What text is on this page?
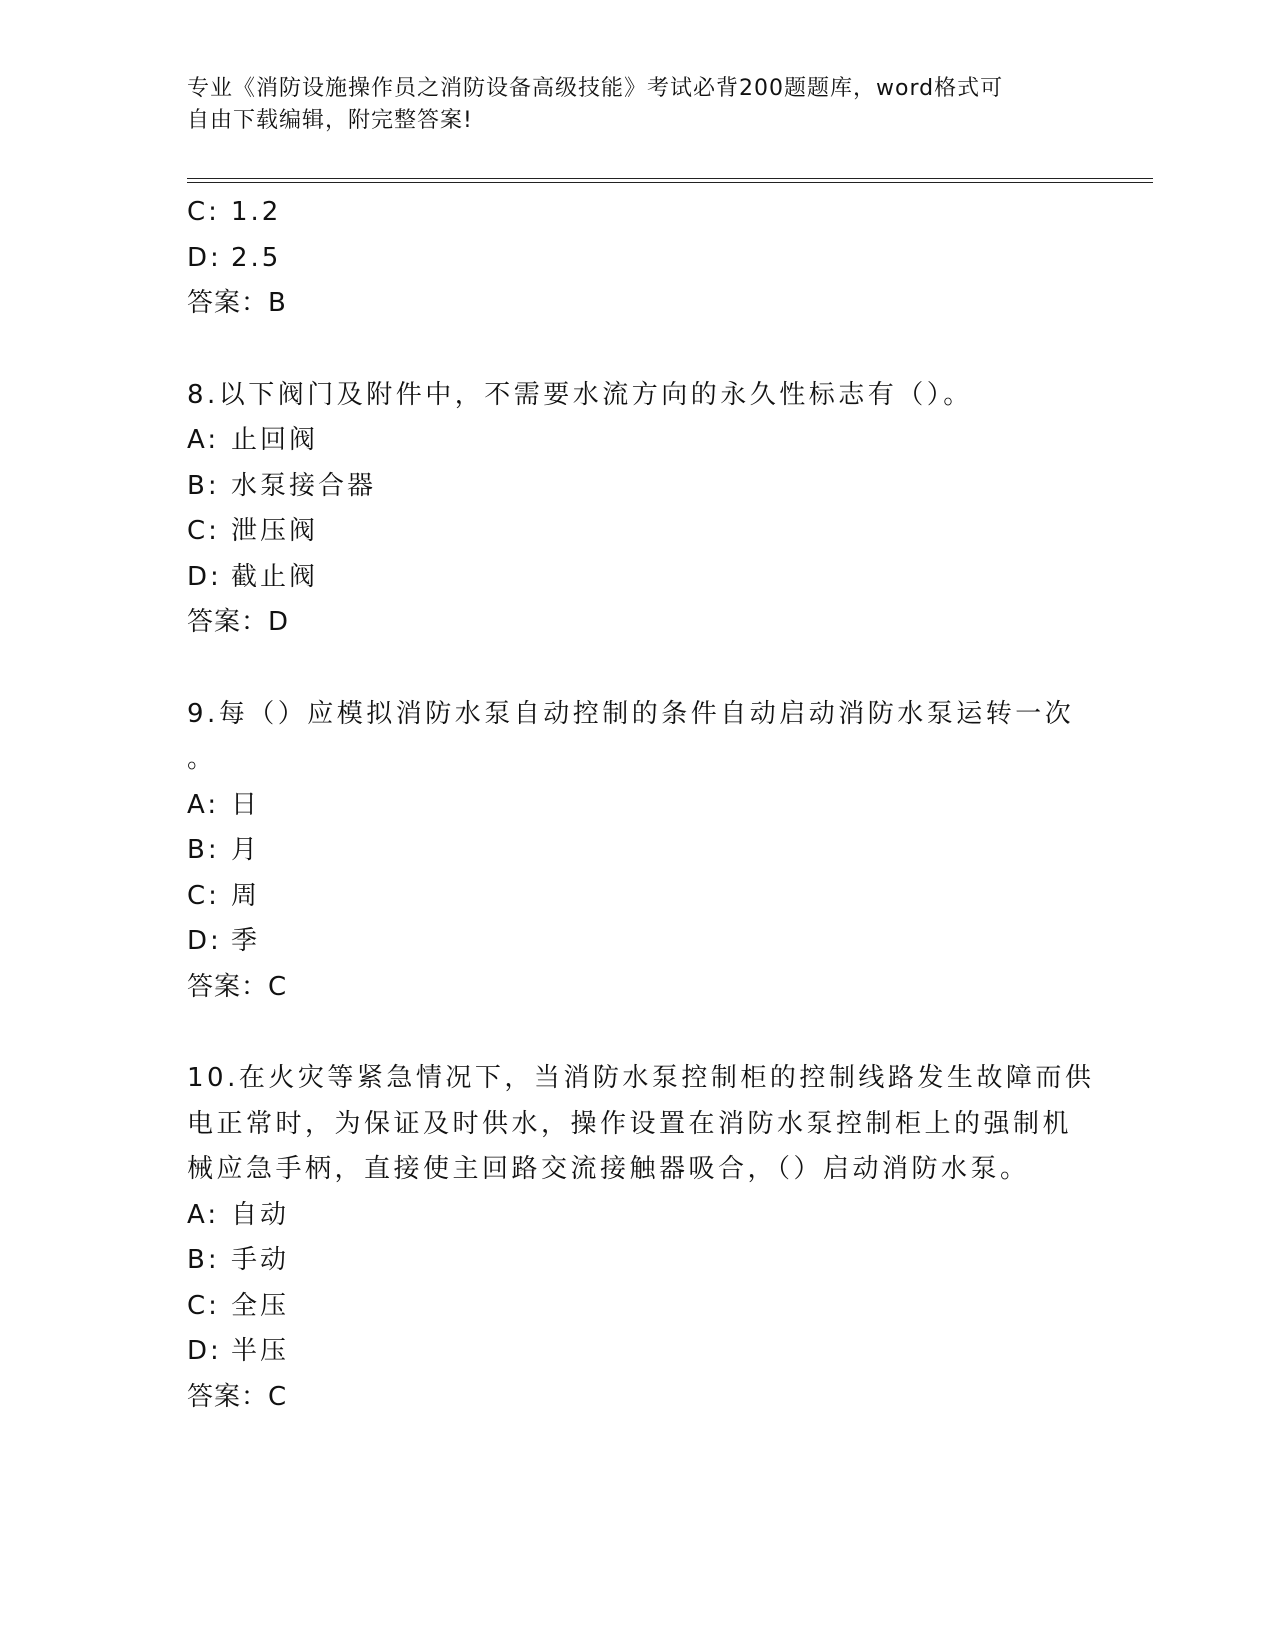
专业《消防设施操作员之消防设备高级技能》考试必背200题题库，word格式可
自由下载编辑，附完整答案!
C: 1.2
D: 2.5
答案：B
8.以下阀门及附件中，不需要水流方向的永久性标志有（）。
A: 止回阀
B: 水泵接合器
C: 泄压阀
D: 截止阀
答案：D
9.每（）应模拟消防水泵自动控制的条件自动启动消防水泵运转一次
。
A: 日
B: 月
C: 周
D: 季
答案：C
10.在火灾等紧急情况下，当消防水泵控制柜的控制线路发生故障而供
电正常时，为保证及时供水，操作设置在消防水泵控制柜上的强制机
械应急手柄，直接使主回路交流接触器吸合，（）启动消防水泵。
A: 自动
B: 手动
C: 全压
D: 半压
答案：C
